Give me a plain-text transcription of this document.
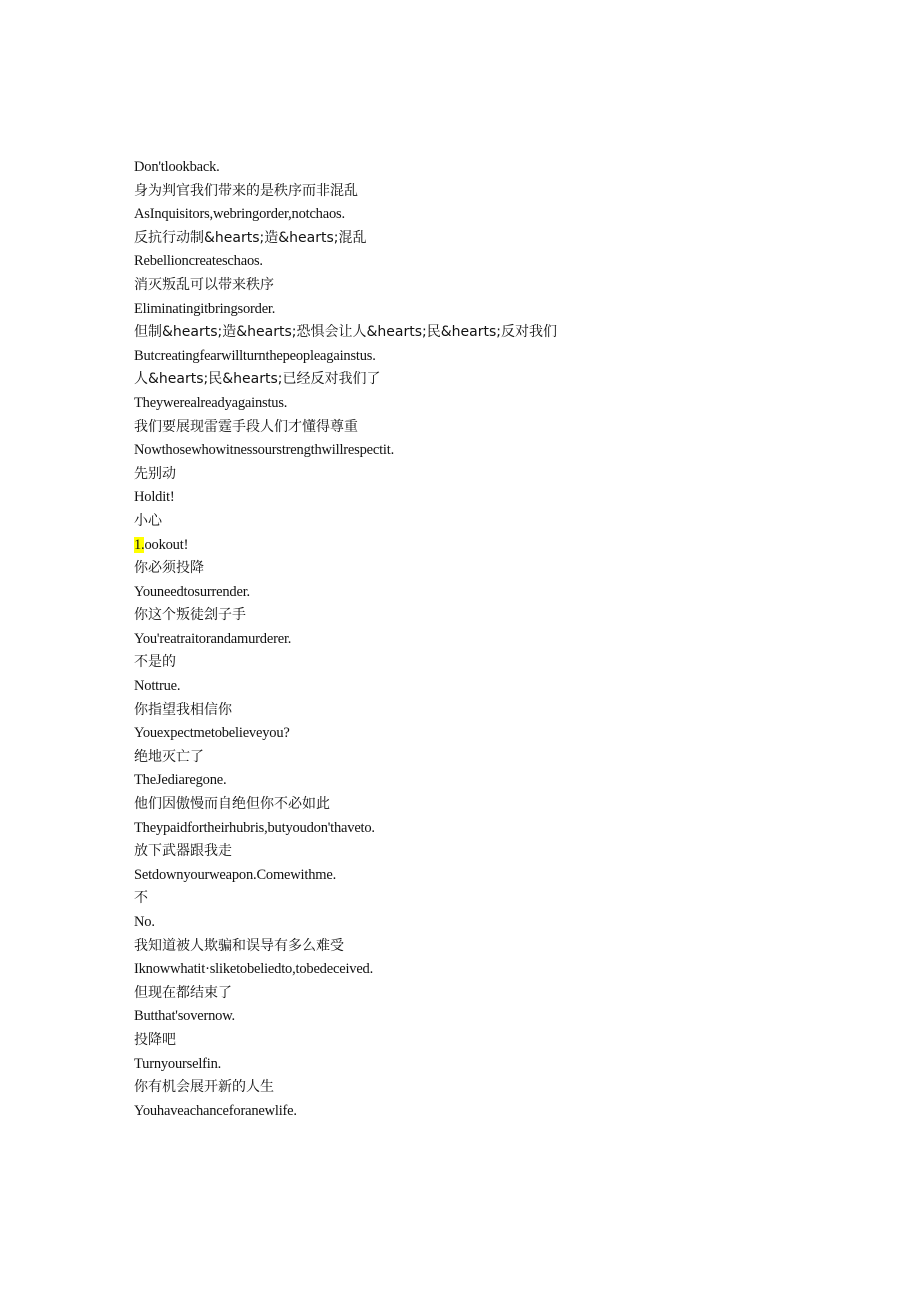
Don'tlookback.
身为判官我们带来的是秩序而非混乱
AsInquisitors,webringorder,notchaos.
反抗行动制&hearts;造&hearts;混乱
Rebellioncreateschaos.
消灭叛乱可以带来秩序
Eliminatingitbringsorder.
但制&hearts;造&hearts;恐惧会让人&hearts;民&hearts;反对我们
Butcreatingfearwillturnthepeopleagainstus.
人&hearts;民&hearts;已经反对我们了
Theywerealreadyagainstus.
我们要展现雷霆手段人们才懂得尊重
Nowthosewhowitnessourstrengthwillrespectit.
先别动
Holdit!
小心
1.ookout!
你必须投降
Youneedtosurrender.
你这个叛徒刽子手
You'reatraitorandamurderer.
不是的
Nottrue.
你指望我相信你
Youexpectmetobelieveyou?
绝地灭亡了
TheJediaregone.
他们因傲慢而自绝但你不必如此
Theypaidfortheirhubris,butyoudon'thaveto.
放下武器跟我走
Setdownyourweapon.Comewithme.
不
No.
我知道被人欺骗和误导有多么难受
Iknowwhatit·sliketobeliedto,tobedeceived.
但现在都结束了
Butthat'sovernow.
投降吧
Turnyourselfin.
你有机会展开新的人生
Youhaveachanceforanewlife.
